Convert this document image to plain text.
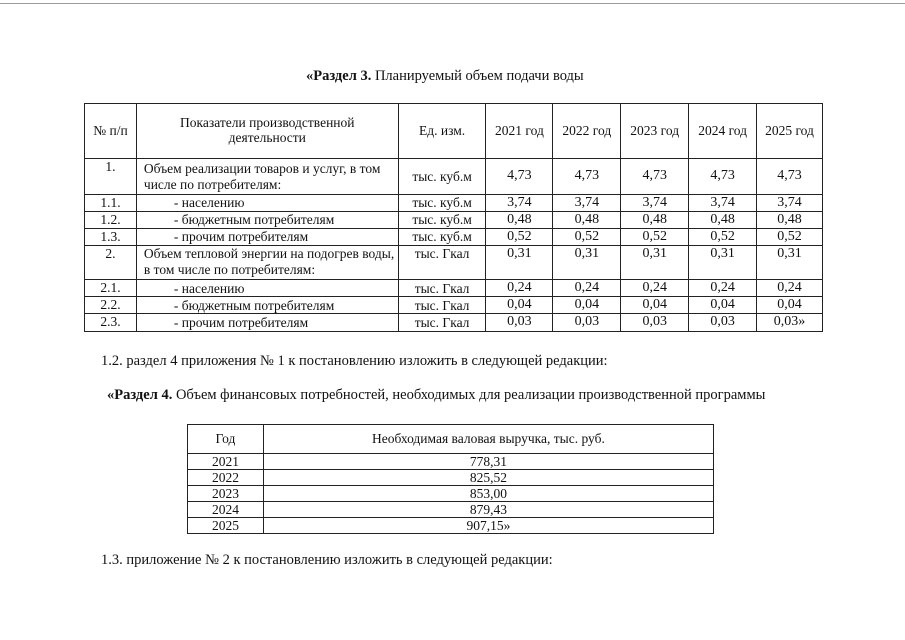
«Раздел 3. Планируемый объем подачи воды
№ п/п	Показатели производственной деятельности	Ед. изм.	2021 год	2022 год	2023 год	2024 год	2025 год
1.	Объем реализации товаров и услуг, в том числе по потребителям:	тыс. куб.м	4,73	4,73	4,73	4,73	4,73
1.1.	- населению	тыс. куб.м	3,74	3,74	3,74	3,74	3,74
1.2.	- бюджетным потребителям	тыс. куб.м	0,48	0,48	0,48	0,48	0,48
1.3.	- прочим потребителям	тыс. куб.м	0,52	0,52	0,52	0,52	0,52
2.	Объем тепловой энергии на подогрев воды, в том числе по потребителям:	тыс. Гкал	0,31	0,31	0,31	0,31	0,31
2.1.	- населению	тыс. Гкал	0,24	0,24	0,24	0,24	0,24
2.2.	- бюджетным потребителям	тыс. Гкал	0,04	0,04	0,04	0,04	0,04
2.3.	- прочим потребителям	тыс. Гкал	0,03	0,03	0,03	0,03	0,03»
1.2. раздел 4 приложения № 1 к постановлению изложить в следующей редакции:
«Раздел 4. Объем финансовых потребностей, необходимых для реализации производственной программы
Год	Необходимая валовая выручка, тыс. руб.
2021	778,31
2022	825,52
2023	853,00
2024	879,43
2025	907,15»
1.3. приложение № 2 к постановлению изложить в следующей редакции:
